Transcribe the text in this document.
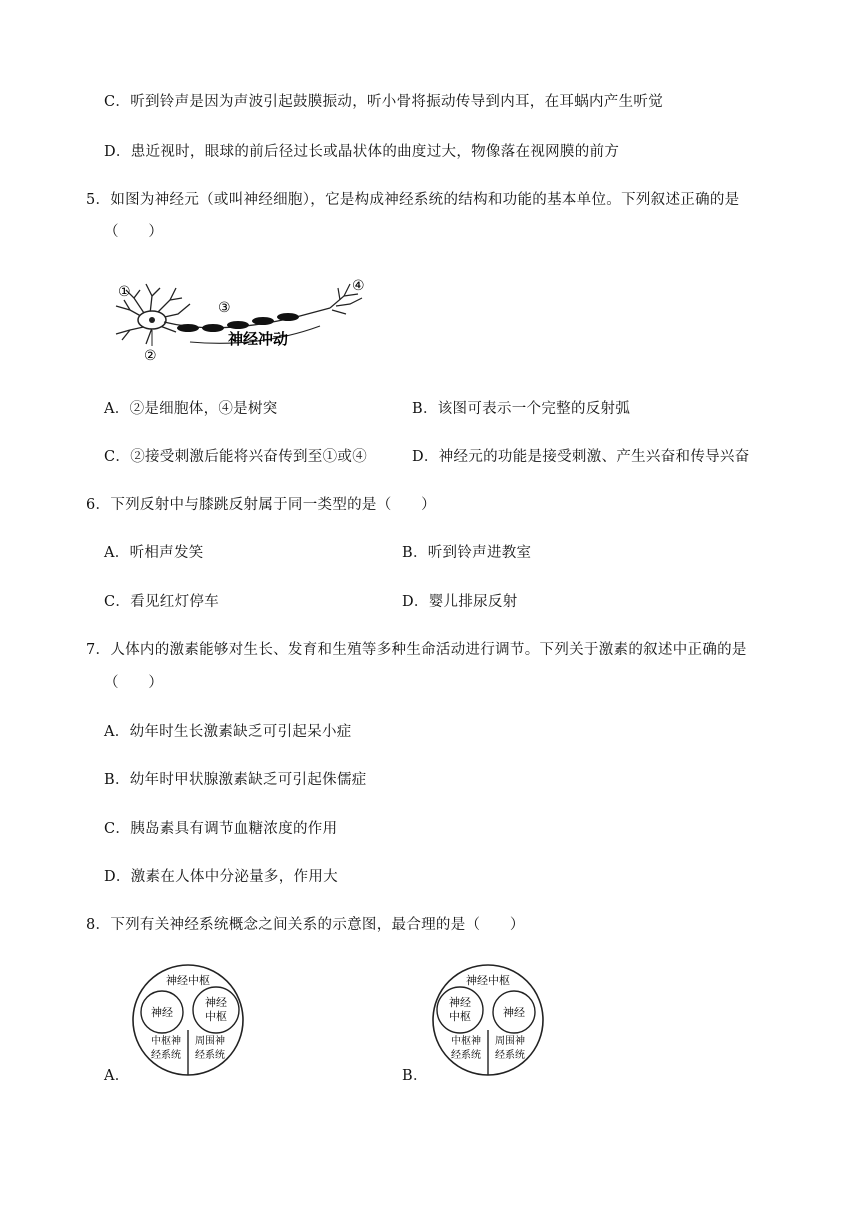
C．听到铃声是因为声波引起鼓膜振动，听小骨将振动传导到内耳，在耳蜗内产生听觉
D．患近视时，眼球的前后径过长或晶状体的曲度过大，物像落在视网膜的前方
5．如图为神经元（或叫神经细胞），它是构成神经系统的结构和功能的基本单位。下列叙述正确的是
（　　）
①
②
③
④
神经冲动
A．②是细胞体，④是树突	B．该图可表示一个完整的反射弧
C．②接受刺激后能将兴奋传到至①或④	D．神经元的功能是接受刺激、产生兴奋和传导兴奋
6．下列反射中与膝跳反射属于同一类型的是（　　）
A．听相声发笑	B．听到铃声进教室
C．看见红灯停车	D．婴儿排尿反射
7．人体内的激素能够对生长、发育和生殖等多种生命活动进行调节。下列关于激素的叙述中正确的是
（　　）
A．幼年时生长激素缺乏可引起呆小症
B．幼年时甲状腺激素缺乏可引起侏儒症
C．胰岛素具有调节血糖浓度的作用
D．激素在人体中分泌量多，作用大
8．下列有关神经系统概念之间关系的示意图，最合理的是（　　）
A．
神经中枢
神经
神经
中枢
中枢神
经系统
周围神
经系统
B．
神经中枢
神经
中枢	神经
中枢神
经系统
周围神
经系统
